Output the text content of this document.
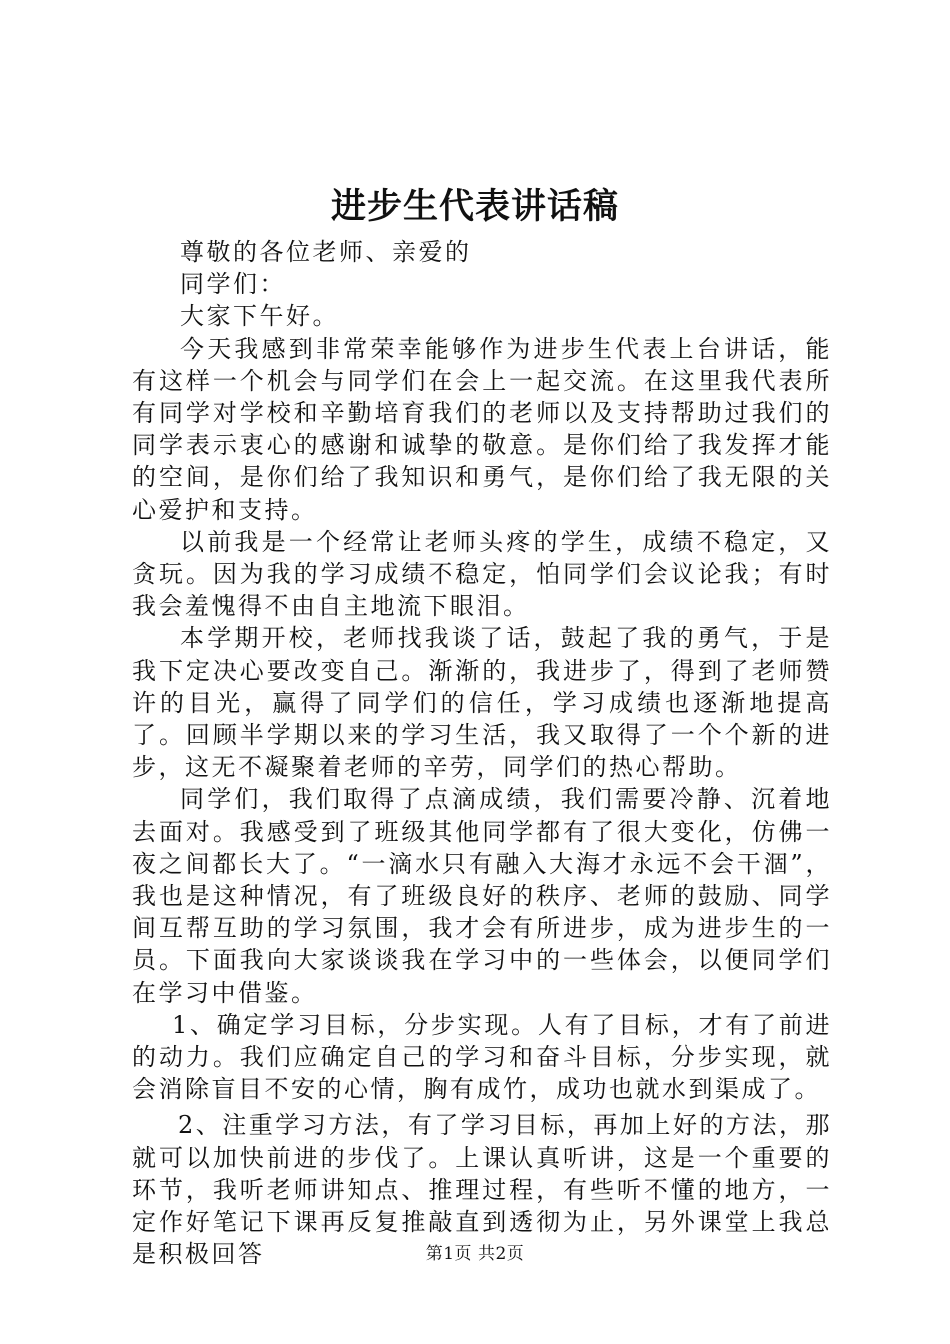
进步生代表讲话稿

尊敬的各位老师、亲爱的

同学们：

大家下午好。

今天我感到非常荣幸能够作为进步生代表上台讲话，能有这样一个机会与同学们在会上一起交流。在这里我代表所有同学对学校和辛勤培育我们的老师以及支持帮助过我们的同学表示衷心的感谢和诚挚的敬意。是你们给了我发挥才能的空间，是你们给了我知识和勇气，是你们给了我无限的关心爱护和支持。

以前我是一个经常让老师头疼的学生，成绩不稳定，又贪玩。因为我的学习成绩不稳定，怕同学们会议论我；有时我会羞愧得不由自主地流下眼泪。

本学期开校，老师找我谈了话，鼓起了我的勇气，于是我下定决心要改变自己。渐渐的，我进步了，得到了老师赞许的目光，赢得了同学们的信任，学习成绩也逐渐地提高了。回顾半学期以来的学习生活，我又取得了一个个新的进步，这无不凝聚着老师的辛劳，同学们的热心帮助。

同学们，我们取得了点滴成绩，我们需要冷静、沉着地去面对。我感受到了班级其他同学都有了很大变化，仿佛一夜之间都长大了。“一滴水只有融入大海才永远不会干涸”，我也是这种情况，有了班级良好的秩序、老师的鼓励、同学间互帮互助的学习氛围，我才会有所进步，成为进步生的一员。下面我向大家谈谈我在学习中的一些体会，以便同学们在学习中借鉴。

1、确定学习目标，分步实现。人有了目标，才有了前进的动力。我们应确定自己的学习和奋斗目标，分步实现，就会消除盲目不安的心情，胸有成竹，成功也就水到渠成了。

2、注重学习方法，有了学习目标，再加上好的方法，那就可以加快前进的步伐了。上课认真听讲，这是一个重要的环节，我听老师讲知点、推理过程，有些听不懂的地方，一定作好笔记下课再反复推敲直到透彻为止，另外课堂上我总是积极回答	第1页 共2页
